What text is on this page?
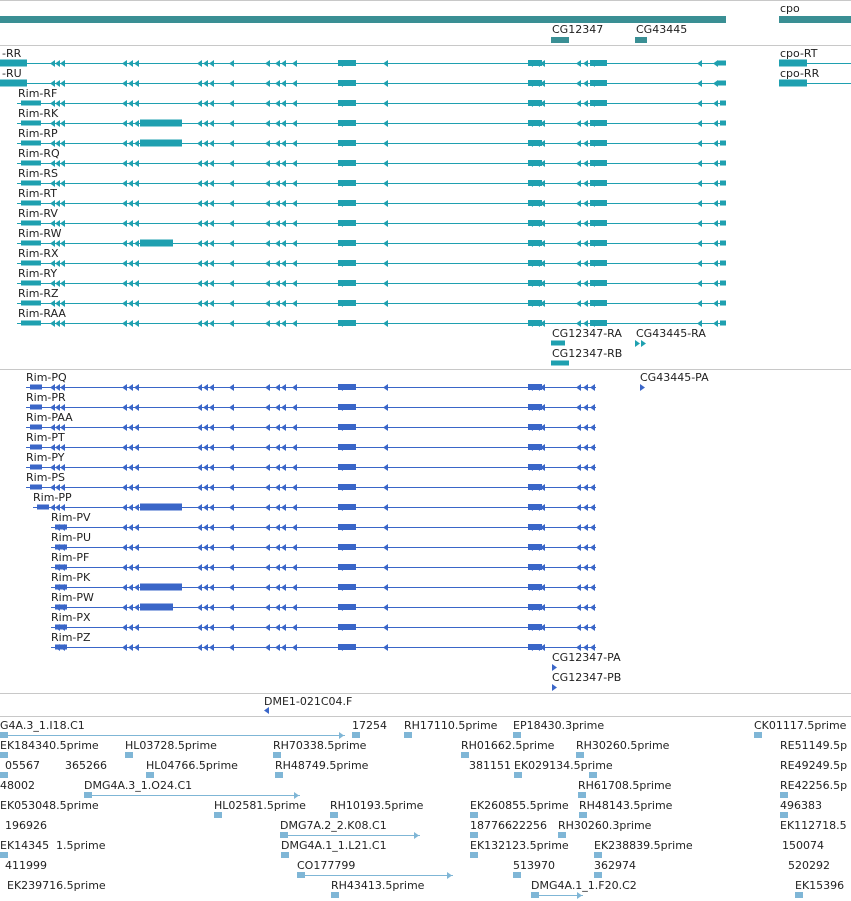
CG12347	CG43445
cpo
-RR
-RU
cpo-RT
cpo-RR
CG12347-RA CG43445-RA
CG12347-RB
Rim-RF
Rim-RK
Rim-RP
Rim-RQ
Rim-RS
Rim-RT
Rim-RV
Rim-RW
Rim-RX
Rim-RY
Rim-RZ
Rim-RAA
Rim-PQ
Rim-PR
Rim-PAA
Rim-PT
Rim-PY
Rim-PS
Rim-PP
Rim-PV
Rim-PU
Rim-PF
Rim-PK
Rim-PW
Rim-PX
Rim-PZ
CG43445-PA
CG12347-PA
CG12347-PB
DME1-021C04.F
G4A.3_1.I18.C1	17254 RH17110.5prime EP18430.3prime	CK01117.5prime
EK184340.5prime HL03728.5prime	RH70338.5prime	RH01662.5prime RH30260.5prime	RE51149.5p
05567 365266	HL04766.5prime	RH48749.5prime	381151 EK029134.5prime	RE49249.5p
48002	DMG4A.3_1.O24.C1	RH61708.5prime	RE42256.5p
EK053048.5prime	HL02581.5prime RH10193.5prime	EK260855.5prime RH48143.5prime	496383
196926	DMG7A.2_2.K08.C1	18776622256 RH30260.3prime	EK112718.5
EK14345 1.5prime	DMG4A.1_1.L21.C1	EK132123.5prime EK238839.5prime	150074
411999	CO177799	513970	362974	520292
EK239716.5prime	RH43413.5prime	DMG4A.1_1.F20.C2	EK15396
